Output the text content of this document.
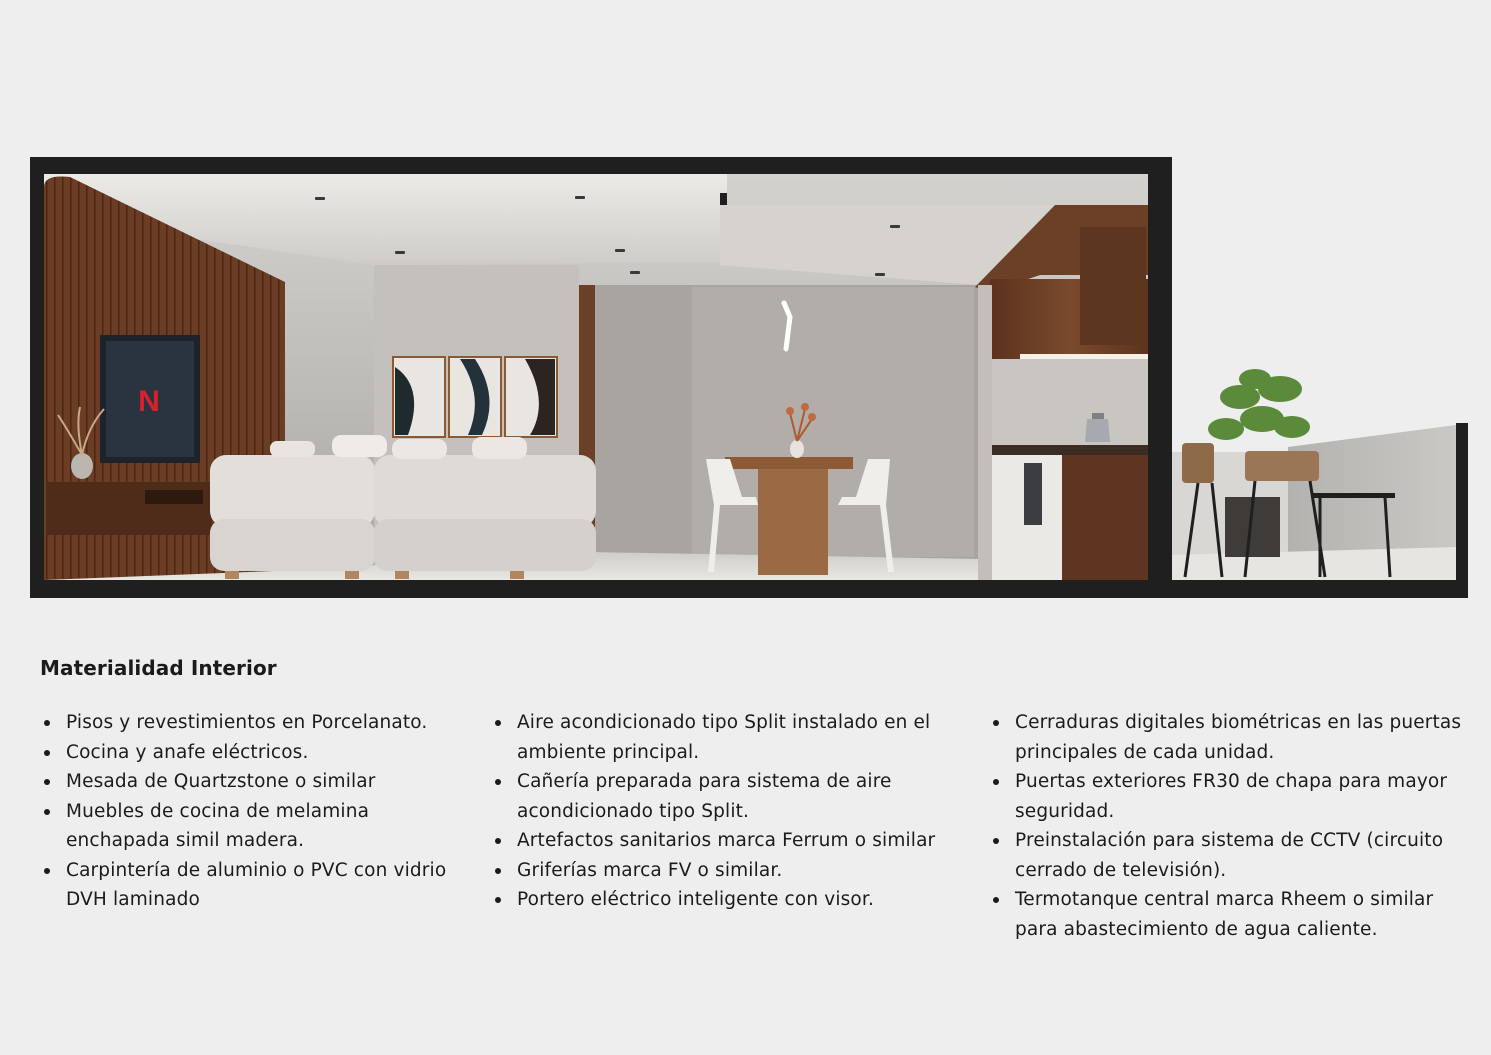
N
Materialidad Interior
Pisos y revestimientos en Porcelanato.
Cocina y anafe eléctricos.
Mesada de Quartzstone o similar
Muebles de cocina de melamina enchapada simil madera.
Carpintería de aluminio o PVC con vidrio DVH laminado
Aire acondicionado tipo Split instalado en el ambiente principal.
Cañería preparada para sistema de aire acondicionado tipo Split.
Artefactos sanitarios marca Ferrum o similar
Griferías marca FV o similar.
Portero eléctrico inteligente con visor.
Cerraduras digitales biométricas en las puertas principales de cada unidad.
Puertas exteriores FR30 de chapa para mayor seguridad.
Preinstalación para sistema de CCTV (circuito cerrado de televisión).
Termotanque central marca Rheem o similar para abastecimiento de agua caliente.
